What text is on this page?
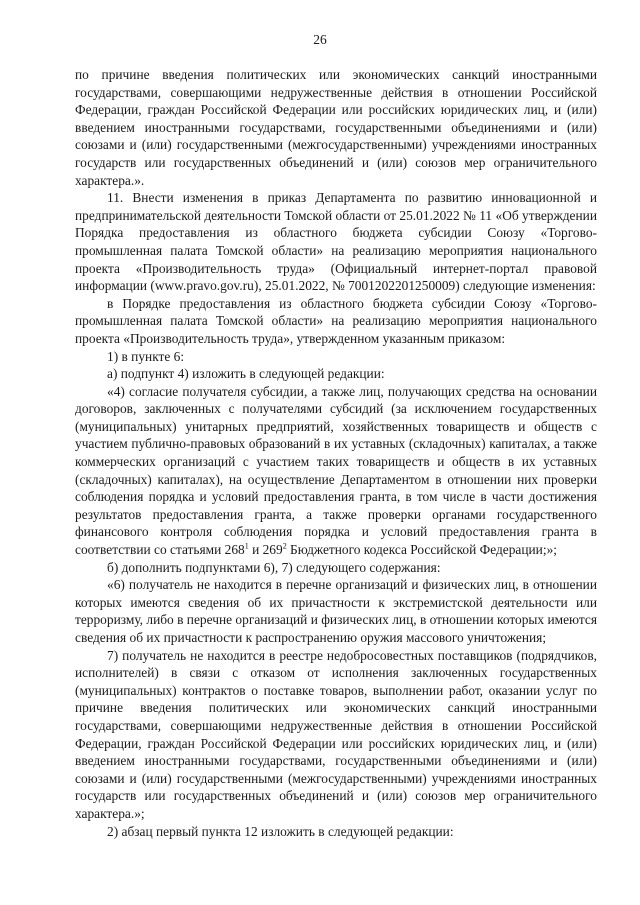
26

по причине введения политических или экономических санкций иностранными государствами, совершающими недружественные действия в отношении Российской Федерации, граждан Российской Федерации или российских юридических лиц, и (или) введением иностранными государствами, государственными объединениями и (или) союзами и (или) государственными (межгосударственными) учреждениями иностранных государств или государственных объединений и (или) союзов мер ограничительного характера.».

11. Внести изменения в приказ Департамента по развитию инновационной и предпринимательской деятельности Томской области от 25.01.2022 № 11 «Об утверждении Порядка предоставления из областного бюджета субсидии Союзу «Торгово-промышленная палата Томской области» на реализацию мероприятия национального проекта «Производительность труда» (Официальный интернет-портал правовой информации (www.pravo.gov.ru), 25.01.2022, № 7001202201250009) следующие изменения:

в Порядке предоставления из областного бюджета субсидии Союзу «Торгово-промышленная палата Томской области» на реализацию мероприятия национального проекта «Производительность труда», утвержденном указанным приказом:

1) в пункте 6:

а) подпункт 4) изложить в следующей редакции:

«4) согласие получателя субсидии, а также лиц, получающих средства на основании договоров, заключенных с получателями субсидий (за исключением государственных (муниципальных) унитарных предприятий, хозяйственных товариществ и обществ с участием публично-правовых образований в их уставных (складочных) капиталах, а также коммерческих организаций с участием таких товариществ и обществ в их уставных (складочных) капиталах), на осуществление Департаментом в отношении них проверки соблюдения порядка и условий предоставления гранта, в том числе в части достижения результатов предоставления гранта, а также проверки органами государственного финансового контроля соблюдения порядка и условий предоставления гранта в соответствии со статьями $268^1$ и $269^2$ Бюджетного кодекса Российской Федерации;»;

б) дополнить подпунктами 6), 7) следующего содержания:

«6) получатель не находится в перечне организаций и физических лиц, в отношении которых имеются сведения об их причастности к экстремистской деятельности или терроризму, либо в перечне организаций и физических лиц, в отношении которых имеются сведения об их причастности к распространению оружия массового уничтожения;

7) получатель не находится в реестре недобросовестных поставщиков (подрядчиков, исполнителей) в связи с отказом от исполнения заключенных государственных (муниципальных) контрактов о поставке товаров, выполнении работ, оказании услуг по причине введения политических или экономических санкций иностранными государствами, совершающими недружественные действия в отношении Российской Федерации, граждан Российской Федерации или российских юридических лиц, и (или) введением иностранными государствами, государственными объединениями и (или) союзами и (или) государственными (межгосударственными) учреждениями иностранных государств или государственных объединений и (или) союзов мер ограничительного характера.»;

2) абзац первый пункта 12 изложить в следующей редакции:
